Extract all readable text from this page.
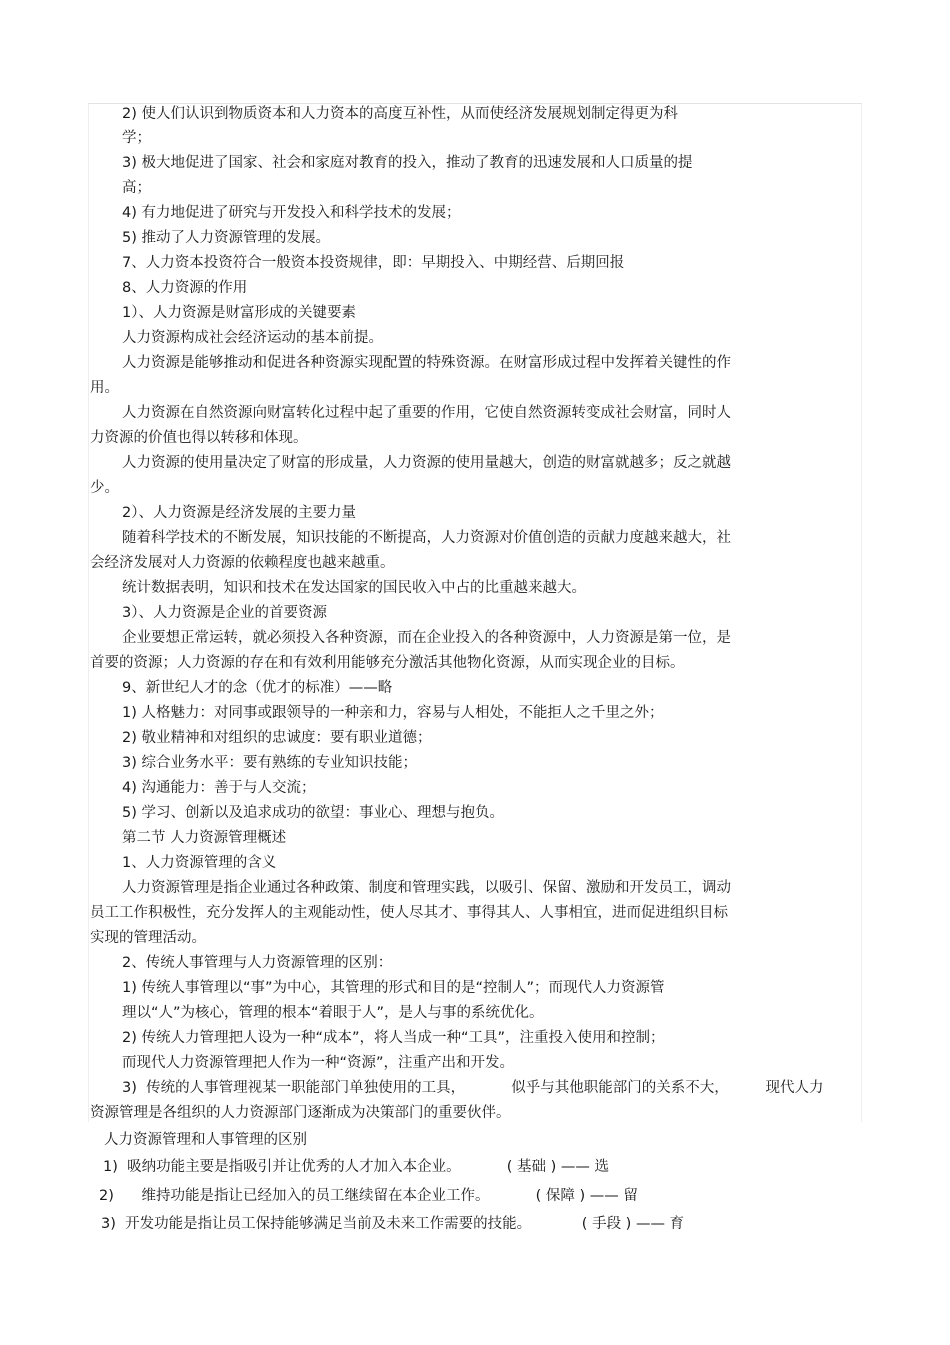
2) 使人们认识到物质资本和人力资本的高度互补性，从而使经济发展规划制定得更为科
学；
3) 极大地促进了国家、社会和家庭对教育的投入，推动了教育的迅速发展和人口质量的提
高；
4) 有力地促进了研究与开发投入和科学技术的发展；
5) 推动了人力资源管理的发展。
7、人力资本投资符合一般资本投资规律，即：早期投入、中期经营、后期回报
8、人力资源的作用
1）、人力资源是财富形成的关键要素
人力资源构成社会经济运动的基本前提。
人力资源是能够推动和促进各种资源实现配置的特殊资源。在财富形成过程中发挥着关键性的作
用。
人力资源在自然资源向财富转化过程中起了重要的作用，它使自然资源转变成社会财富，同时人
力资源的价值也得以转移和体现。
人力资源的使用量决定了财富的形成量，人力资源的使用量越大，创造的财富就越多；反之就越
少。
2）、人力资源是经济发展的主要力量
随着科学技术的不断发展，知识技能的不断提高，人力资源对价值创造的贡献力度越来越大，社
会经济发展对人力资源的依赖程度也越来越重。
统计数据表明，知识和技术在发达国家的国民收入中占的比重越来越大。
3）、人力资源是企业的首要资源
企业要想正常运转，就必须投入各种资源，而在企业投入的各种资源中，人力资源是第一位，是
首要的资源；人力资源的存在和有效利用能够充分激活其他物化资源，从而实现企业的目标。
9、新世纪人才的念（优才的标准）——略
1) 人格魅力：对同事或跟领导的一种亲和力，容易与人相处，不能拒人之千里之外；
2) 敬业精神和对组织的忠诚度：要有职业道德；
3) 综合业务水平：要有熟练的专业知识技能；
4) 沟通能力：善于与人交流；
5) 学习、创新以及追求成功的欲望：事业心、理想与抱负。
第二节 人力资源管理概述
1、人力资源管理的含义
人力资源管理是指企业通过各种政策、制度和管理实践，以吸引、保留、激励和开发员工，调动
员工工作积极性，充分发挥人的主观能动性，使人尽其才、事得其人、人事相宜，进而促进组织目标
实现的管理活动。
2、传统人事管理与人力资源管理的区别：
1) 传统人事管理以“事”为中心，其管理的形式和目的是“控制人”；而现代人力资源管
理以“人”为核心，管理的根本“着眼于人”，是人与事的系统优化。
2) 传统人力管理把人设为一种“成本”，将人当成一种“工具”，注重投入使用和控制；
而现代人力资源管理把人作为一种“资源”，注重产出和开发。
3)  传统的人事管理视某一职能部门单独使用的工具，          似乎与其他职能部门的关系不大，        现代人力
资源管理是各组织的人力资源部门逐渐成为决策部门的重要伙伴。
人力资源管理和人事管理的区别
1)  吸纳功能主要是指吸引并让优秀的人才加入本企业。          ( 基础 ) —— 选
2)      维持功能是指让已经加入的员工继续留在本企业工作。          ( 保障 ) —— 留
3)  开发功能是指让员工保持能够满足当前及未来工作需要的技能。           ( 手段 ) —— 育
